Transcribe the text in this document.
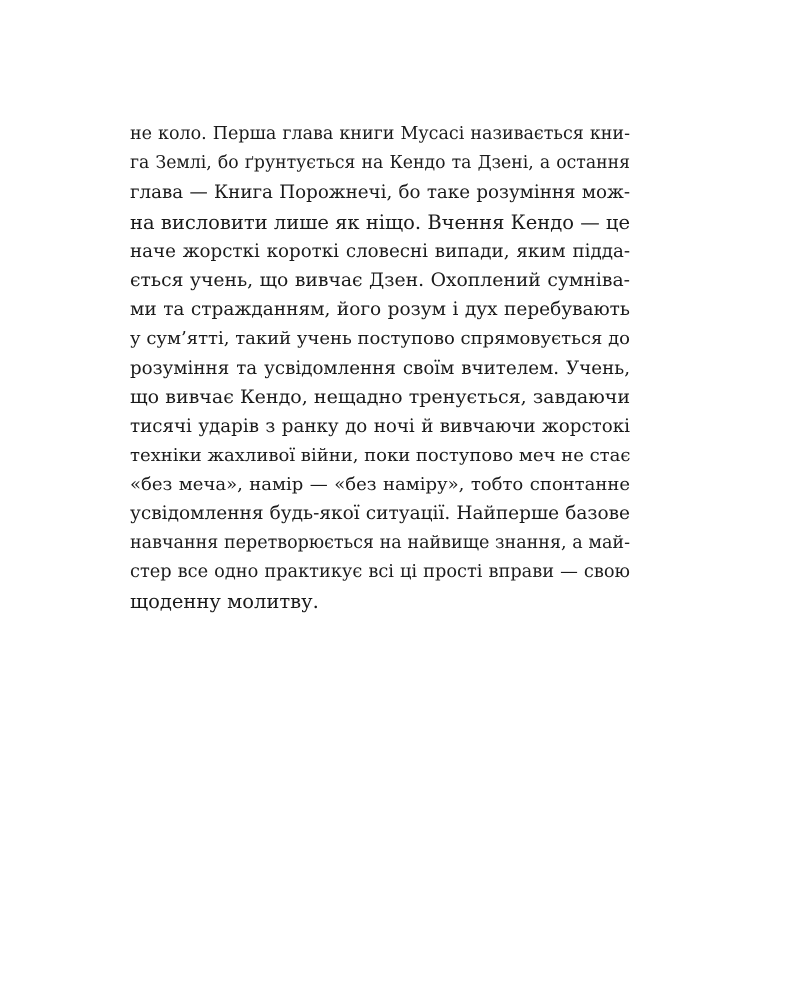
не коло. Перша глава книги Мусасі називається кни-
га Землі, бо ґрунтується на Кендо та Дзені, а остання
глава — Книга Порожнечі, бо таке розуміння мож-
на висловити лише як ніщо. Вчення Кендо — це
наче жорсткі короткі словесні випади, яким підда-
ється учень, що вивчає Дзен. Охоплений сумніва-
ми та стражданням, його розум і дух перебувають
у сум’ятті, такий учень поступово спрямовується до
розуміння та усвідомлення своїм вчителем. Учень,
що вивчає Кендо, нещадно тренується, завдаючи
тисячі ударів з ранку до ночі й вивчаючи жорстокі
техніки жахливої війни, поки поступово меч не стає
«без меча», намір — «без наміру», тобто спонтанне
усвідомлення будь-якої ситуації. Найперше базове
навчання перетворюється на найвище знання, а май-
стер все одно практикує всі ці прості вправи — свою
щоденну молитву.
